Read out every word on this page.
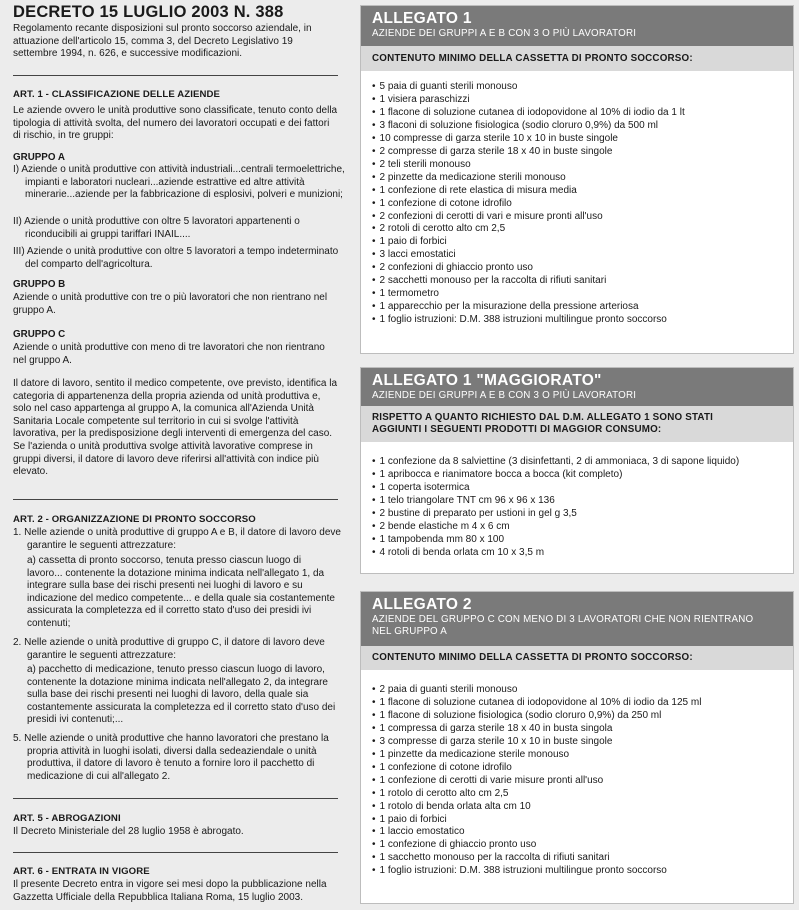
DECRETO 15 LUGLIO 2003 N. 388

Regolamento recante disposizioni sul pronto soccorso aziendale, in attuazione dell'articolo 15, comma 3, del Decreto Legislativo 19 settembre 1994, n. 626, e successive modificazioni.

ART. 1 - CLASSIFICAZIONE DELLE AZIENDE

Le aziende ovvero le unità produttive sono classificate, tenuto conto della tipologia di attività svolta, del numero dei lavoratori occupati e dei fattori di rischio, in tre gruppi:

GRUPPO A

I) Aziende o unità produttive con attività industriali...centrali termoelettriche, impianti e laboratori nucleari...aziende estrattive ed altre attività minerarie...aziende per la fabbricazione di esplosivi, polveri e munizioni;

II) Aziende o unità produttive con oltre 5 lavoratori appartenenti o riconducibili ai gruppi tariffari INAIL....

III) Aziende o unità produttive con oltre 5 lavoratori a tempo indeterminato del comparto dell'agricoltura.

GRUPPO B

Aziende o unità produttive con tre o più lavoratori che non rientrano nel gruppo A.

GRUPPO C

Aziende o unità produttive con meno di tre lavoratori che non rientrano nel gruppo A.

Il datore di lavoro, sentito il medico competente, ove previsto, identifica la categoria di appartenenza della propria azienda od unità produttiva e, solo nel caso appartenga al gruppo A, la comunica all'Azienda Unità Sanitaria Locale competente sul territorio in cui si svolge l'attività lavorativa, per la predisposizione degli interventi di emergenza del caso. Se l'azienda o unità produttiva svolge attività lavorative comprese in gruppi diversi, il datore di lavoro deve riferirsi all'attività con indice più elevato.

ART. 2 - ORGANIZZAZIONE DI PRONTO SOCCORSO

1. Nelle aziende o unità produttive di gruppo A e B, il datore di lavoro deve garantire le seguenti attrezzature:

a) cassetta di pronto soccorso, tenuta presso ciascun luogo di lavoro... contenente la dotazione minima indicata nell'allegato 1, da integrare sulla base dei rischi presenti nei luoghi di lavoro e su indicazione del medico competente... e della quale sia costantemente assicurata la completezza ed il corretto stato d'uso dei presidi ivi contenuti;

2. Nelle aziende o unità produttive di gruppo C, il datore di lavoro deve garantire le seguenti attrezzature:

a) pacchetto di medicazione, tenuto presso ciascun luogo di lavoro, contenente la dotazione minima indicata nell'allegato 2, da integrare sulla base dei rischi presenti nei luoghi di lavoro, della quale sia costantemente assicurata la completezza ed il corretto stato d'uso dei presidi ivi contenuti;...

5. Nelle aziende o unità produttive che hanno lavoratori che prestano la propria attività in luoghi isolati, diversi dalla sedeaziendale o unità produttiva, il datore di lavoro è tenuto a fornire loro il pacchetto di medicazione di cui all'allegato 2.

ART. 5 - ABROGAZIONI

Il Decreto Ministeriale del 28 luglio 1958 è abrogato.

ART. 6 - ENTRATA IN VIGORE

Il presente Decreto entra in vigore sei mesi dopo la pubblicazione nella Gazzetta Ufficiale della Repubblica Italiana Roma, 15 luglio 2003.

ALLEGATO 1

AZIENDE DEI GRUPPI A E B CON 3 O PIÙ LAVORATORI

CONTENUTO MINIMO DELLA CASSETTA DI PRONTO SOCCORSO:
• 5 paia di guanti sterili monouso
• 1 visiera paraschizzi
• 1 flacone di soluzione cutanea di iodopovidone al 10% di iodio da 1 lt
• 3 flaconi di soluzione fisiologica (sodio cloruro 0,9%) da 500 ml
• 10 compresse di garza sterile 10 x 10 in buste singole
• 2 compresse di garza sterile 18 x 40 in buste singole
• 2 teli sterili monouso
• 2 pinzette da medicazione sterili monouso
• 1 confezione di rete elastica di misura media
• 1 confezione di cotone idrofilo
• 2 confezioni di cerotti di vari e misure pronti all'uso
• 2 rotoli di cerotto alto cm 2,5
• 1 paio di forbici
• 3 lacci emostatici
• 2 confezioni di ghiaccio pronto uso
• 2 sacchetti monouso per la raccolta di rifiuti sanitari
• 1 termometro
• 1 apparecchio per la misurazione della pressione arteriosa
• 1 foglio istruzioni: D.M. 388 istruzioni multilingue pronto soccorso

ALLEGATO 1 "MAGGIORATO"

AZIENDE DEI GRUPPI A E B CON 3 O PIÙ LAVORATORI

RISPETTO A QUANTO RICHIESTO DAL D.M. ALLEGATO 1 SONO STATI
AGGIUNTI I SEGUENTI PRODOTTI DI MAGGIOR CONSUMO:
• 1 confezione da 8 salviettine (3 disinfettanti, 2 di ammoniaca, 3 di sapone liquido)
• 1 apribocca e rianimatore bocca a bocca (kit completo)
• 1 coperta isotermica
• 1 telo triangolare TNT cm 96 x 96 x 136
• 2 bustine di preparato per ustioni in gel g 3,5
• 2 bende elastiche m 4 x 6 cm
• 1 tampobenda mm 80 x 100
• 4 rotoli di benda orlata cm 10 x 3,5 m

ALLEGATO 2

AZIENDE DEL GRUPPO C CON MENO DI 3 LAVORATORI CHE NON RIENTRANO

NEL GRUPPO A

CONTENUTO MINIMO DELLA CASSETTA DI PRONTO SOCCORSO:
• 2 paia di guanti sterili monouso
• 1 flacone di soluzione cutanea di iodopovidone al 10% di iodio da 125 ml
• 1 flacone di soluzione fisiologica (sodio cloruro 0,9%) da 250 ml
• 1 compressa di garza sterile 18 x 40 in busta singola
• 3 compresse di garza sterile 10 x 10 in buste singole
• 1 pinzette da medicazione sterile monouso
• 1 confezione di cotone idrofilo
• 1 confezione di cerotti di varie misure pronti all'uso
• 1 rotolo di cerotto alto cm 2,5
• 1 rotolo di benda orlata alta cm 10
• 1 paio di forbici
• 1 laccio emostatico
• 1 confezione di ghiaccio pronto uso
• 1 sacchetto monouso per la raccolta di rifiuti sanitari
• 1 foglio istruzioni: D.M. 388 istruzioni multilingue pronto soccorso
